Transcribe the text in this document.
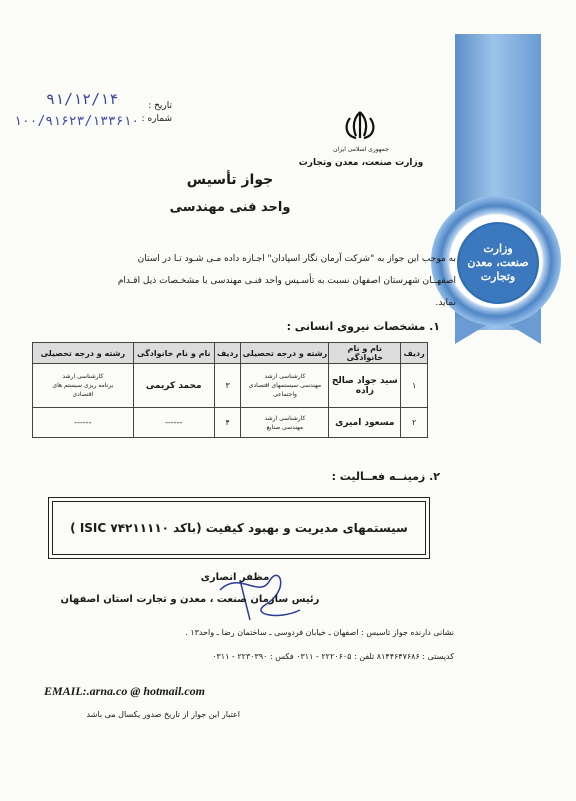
وزارت
صنعت، معدن
وتجارت
تاریخ :
شماره :
۹۱/۱۲/۱۴
۱۰۰/۹۱۶۲۳/۱۳۳۶۱۰
جمهوری اسلامی ایران
وزارت صنعت، معدن وتجارت
جواز تأسیس
واحد فنی مهندسی
به موجب این جواز به "شرکت آرمان نگار اسپادان" اجـازه داده مـی شـود تـا در استان
اصفهــان شهرستان اصفهان نسبت به تأسـیس واحد فنـی مهندسی با مشخـصات ذیل اقـدام
نماید.
۱. مشخصات نیروی انسانی :
ردیف	نام و نام خانوادگی	رشته و درجه تحصیلی	ردیف	نام و نام خانوادگی	رشته و درجه تحصیلی
۱	سید جواد صالح زاده	کارشناسی ارشد
مهندسی سیستمهای اقتصادی
واجتماعی	۳	محمد کریمی	کارشناسی ارشد
برنامه ریزی سیستم های
اقتصادی
۲	مسعود امیری	کارشناسی ارشد
مهندسی صنایع	۴	------	------
۲. زمینــه فعــالیت :
سیستمهای مدیریت و بهبود کیفیت (باکد ISIC ۷۴۲۱۱۱۱۰ )
مظفر انصاری
رئیس سازمان صنعت ، معدن و تجارت استان اصفهان
نشانی دارنده جواز تاسیس : اصفهان ـ خیابان فردوسی ـ ساختمان رضا ـ واحد۱۳ .
کدپستی : ۸۱۴۴۶۴۷۶۸۶ تلفن : ۲۲۲۰۶۰۵ - ۰۳۱۱ فکس : ۲۲۳۰۳۹۰ - ۰۳۱۱
EMAIL:.arna.co @ hotmail.com
اعتبار این جواز از تاریخ صدور یکسال می باشد
